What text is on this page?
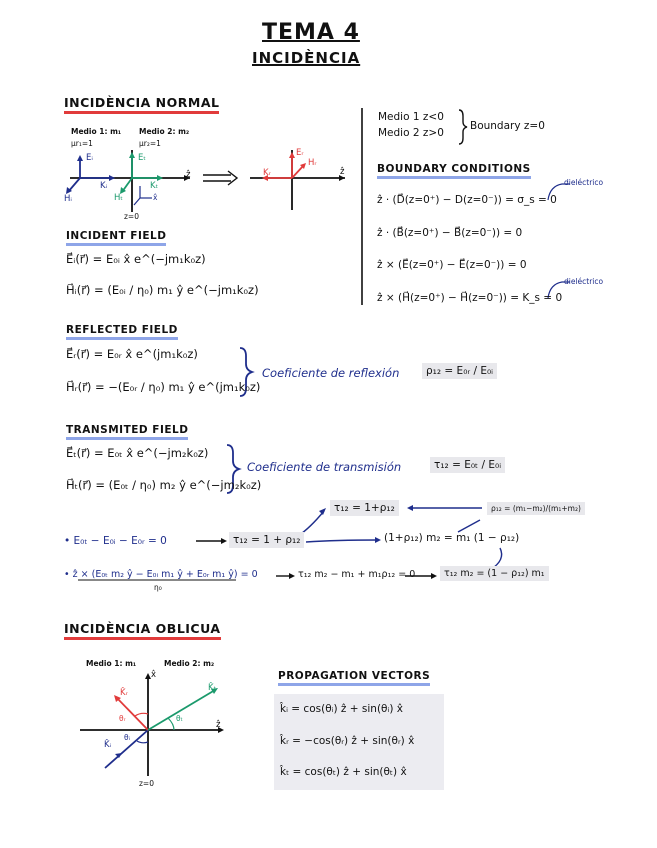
TEMA 4
INCIDÈNCIA
INCIDÈNCIA NORMAL
Medio 1: m₁
μr₁=1
Medio 2: m₂
μr₂=1
Eᵢ
Kᵢ
Hᵢ
Eₜ
Kₜ
Hₜ	x̂
ẑ
z=0
Kᵣ
Eᵣ
Hᵣ
ẑ
INCIDENT FIELD
E⃗ᵢ(r⃗) = E₀ᵢ x̂ e^(−jm₁k₀z)
H⃗ᵢ(r⃗) = (E₀ᵢ / η₀) m₁ ŷ e^(−jm₁k₀z)
Medio 1 z<0
Medio 2 z>0
Boundary z=0
BOUNDARY CONDITIONS
dieléctrico
ẑ · (D⃗(z=0⁺) − D(z=0⁻)) = σ_s = 0
ẑ · (B⃗(z=0⁺) − B⃗(z=0⁻)) = 0
ẑ × (E⃗(z=0⁺) − E⃗(z=0⁻)) = 0
dieléctrico
ẑ × (H⃗(z=0⁺) − H⃗(z=0⁻)) = K_s = 0
REFLECTED FIELD
E⃗ᵣ(r⃗) = E₀ᵣ x̂ e^(jm₁k₀z)
H⃗ᵣ(r⃗) = −(E₀ᵣ / η₀) m₁ ŷ e^(jm₁k₀z)
Coeficiente de reflexión	ρ₁₂ = E₀ᵣ / E₀ᵢ
TRANSMITED FIELD
E⃗ₜ(r⃗) = E₀ₜ x̂ e^(−jm₂k₀z)
H⃗ₜ(r⃗) = (E₀ₜ / η₀) m₂ ŷ e^(−jm₂k₀z)
Coeficiente de transmisión	τ₁₂ = E₀ₜ / E₀ᵢ
τ₁₂ = 1+ρ₁₂	ρ₁₂ = (m₁−m₂)/(m₁+m₂)
• E₀ₜ − E₀ᵢ − E₀ᵣ = 0	τ₁₂ = 1 + ρ₁₂	(1+ρ₁₂) m₂ = m₁ (1 − ρ₁₂)
• ẑ × (E₀ₜ m₂ ŷ − E₀ᵢ m₁ ŷ + E₀ᵣ m₁ ŷ) = 0
η₀
τ₁₂ m₂ − m₁ + m₁ρ₁₂ = 0	τ₁₂ m₂ = (1 − ρ₁₂) m₁
INCIDÈNCIA OBLICUA
Medio 1: m₁	Medio 2: m₂
x̂
ẑ
K̂ᵣ
K̂ᵢ
K̂ₜ
θᵣ
θᵢ
θₜ
z=0
PROPAGATION VECTORS
k̂ᵢ = cos(θᵢ) ẑ + sin(θᵢ) x̂
k̂ᵣ = −cos(θᵣ) ẑ + sin(θᵣ) x̂
k̂ₜ = cos(θₜ) ẑ + sin(θₜ) x̂
